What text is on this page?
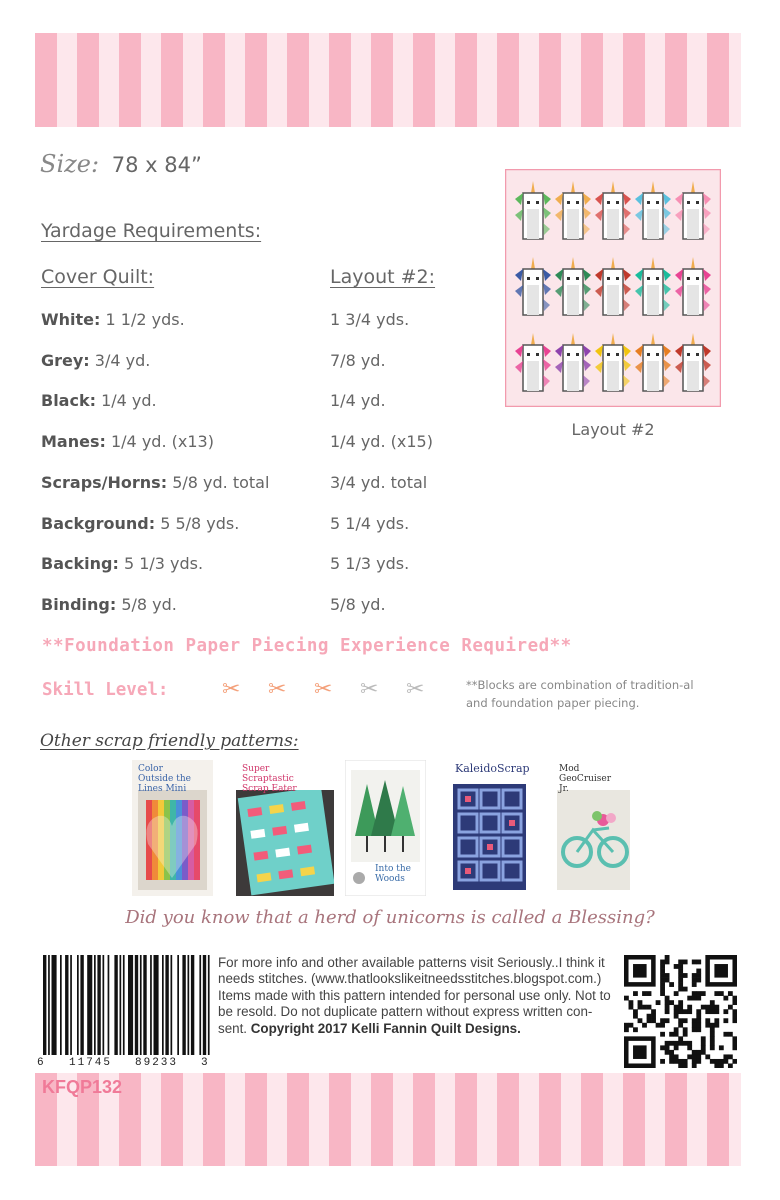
Size: 78 x 84”
Yardage Requirements:
Cover Quilt:	Layout #2:
White: 1 1/2 yds.	1 3/4 yds.
Grey: 3/4 yd.	7/8 yd.
Black: 1/4 yd.	1/4 yd.
Manes: 1/4 yd. (x13)	1/4 yd. (x15)
Scraps/Horns: 5/8 yd. total	3/4 yd. total
Background: 5 5/8 yds.	5 1/4 yds.
Backing: 5 1/3 yds.	5 1/3 yds.
Binding: 5/8 yd.	5/8 yd.
Layout #2
**Foundation Paper Piecing Experience Required**
Skill Level: ✂ ✂ ✂ ✂ ✂	**Blocks are combination of tradition-al and foundation paper piecing.
Other scrap friendly patterns:
Color Outside the Lines Mini
Super Scraptastic Scrap Eater
Into the Woods
KaleidoScrap	Mod GeoCruiser Jr.
Did you know that a herd of unicorns is called a Blessing?
6 11745 89233 3
For more info and other available patterns visit Seriously..I think it needs stitches. (www.thatlookslikeitneedsstitches.blogspot.com.) Items made with this pattern intended for personal use only. Not to be resold. Do not duplicate pattern without express written con-sent. Copyright 2017 Kelli Fannin Quilt Designs.
KFQP132
